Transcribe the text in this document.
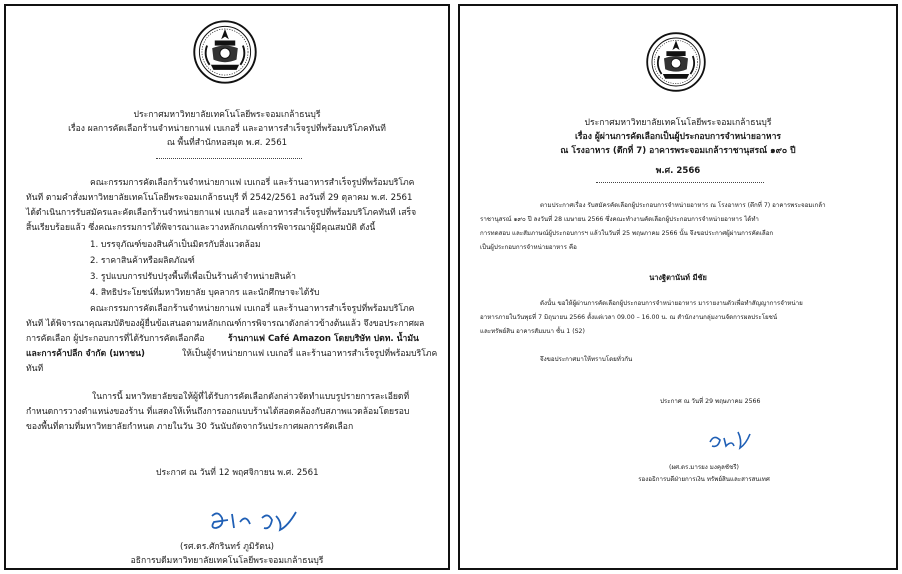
ประกาศมหาวิทยาลัยเทคโนโลยีพระจอมเกล้าธนบุรี
เรื่อง ผลการคัดเลือกร้านจำหน่ายกาแฟ เบเกอรี่ และอาหารสำเร็จรูปที่พร้อมบริโภคทันที
ณ พื้นที่สำนักหอสมุด พ.ศ. 2561
คณะกรรมการคัดเลือกร้านจำหน่ายกาแฟ เบเกอรี่ และร้านอาหารสำเร็จรูปที่พร้อมบริโภค
ทันที ตามคำสั่งมหาวิทยาลัยเทคโนโลยีพระจอมเกล้าธนบุรี ที่ 2542/2561 ลงวันที่ 29 ตุลาคม พ.ศ. 2561
ได้ดำเนินการรับสมัครและคัดเลือกร้านจำหน่ายกาแฟ เบเกอรี่ และอาหารสำเร็จรูปที่พร้อมบริโภคทันที เสร็จ
สิ้นเรียบร้อยแล้ว ซึ่งคณะกรรมการได้พิจารณาและวางหลักเกณฑ์การพิจารณาผู้มีคุณสมบัติ ดังนี้
1. บรรจุภัณฑ์ของสินค้าเป็นมิตรกับสิ่งแวดล้อม
2. ราคาสินค้าหรือผลิตภัณฑ์
3. รูปแบบการปรับปรุงพื้นที่เพื่อเป็นร้านค้าจำหน่ายสินค้า
4. สิทธิประโยชน์ที่มหาวิทยาลัย บุคลากร และนักศึกษาจะได้รับ
คณะกรรมการคัดเลือกร้านจำหน่ายกาแฟ เบเกอรี่ และร้านอาหารสำเร็จรูปที่พร้อมบริโภค
ทันที ได้พิจารณาคุณสมบัติของผู้ยื่นข้อเสนอตามหลักเกณฑ์การพิจารณาดังกล่าวข้างต้นแล้ว จึงขอประกาศผล
การคัดเลือก ผู้ประกอบการที่ได้รับการคัดเลือกคือ	ร้านกาแฟ Café Amazon โดยบริษัท ปตท. น้ำมัน
และการค้าปลีก จำกัด (มหาชน)	ให้เป็นผู้จำหน่ายกาแฟ เบเกอรี่ และร้านอาหารสำเร็จรูปที่พร้อมบริโภค
ทันที
ในการนี้ มหาวิทยาลัยขอให้ผู้ที่ได้รับการคัดเลือกดังกล่าวจัดทำแบบรูปรายการละเอียดที่
กำหนดการวางตำแหน่งของร้าน ที่แสดงให้เห็นถึงการออกแบบร้านได้สอดคล้องกับสภาพแวดล้อมโดยรอบ
ของพื้นที่ตามที่มหาวิทยาลัยกำหนด ภายในวัน 30 วันนับถัดจากวันประกาศผลการคัดเลือก
ประกาศ ณ วันที่ 12 พฤศจิกายน พ.ศ. 2561
(รศ.ดร.ศักรินทร์ ภูมิรัตน)
อธิการบดีมหาวิทยาลัยเทคโนโลยีพระจอมเกล้าธนบุรี
ประกาศมหาวิทยาลัยเทคโนโลยีพระจอมเกล้าธนบุรี
เรื่อง ผู้ผ่านการคัดเลือกเป็นผู้ประกอบการจำหน่ายอาหาร
ณ โรงอาหาร (ตึกที่ 7) อาคารพระจอมเกล้าราชานุสรณ์ ๑๙๐ ปี
พ.ศ. 2566
ตามประกาศเรื่อง รับสมัครคัดเลือกผู้ประกอบการจำหน่ายอาหาร ณ โรงอาหาร (ตึกที่ 7) อาคารพระจอมเกล้า
ราชานุสรณ์ ๑๙๐ ปี ลงวันที่ 28 เมษายน 2566 ซึ่งคณะทำงานคัดเลือกผู้ประกอบการจำหน่ายอาหาร ได้ทำ
การทดสอบ และสัมภาษณ์ผู้ประกอบการฯ แล้วในวันที่ 25 พฤษภาคม 2566 นั้น จึงขอประกาศผู้ผ่านการคัดเลือก
เป็นผู้ประกอบการจำหน่ายอาหาร คือ
นางฐิตานันท์ มีชัย
ดังนั้น ขอให้ผู้ผ่านการคัดเลือกผู้ประกอบการจำหน่ายอาหาร มารายงานตัวเพื่อทำสัญญาการจำหน่าย
อาหารภายในวันพุธที่ 7 มิถุนายน 2566 ตั้งแต่เวลา 09.00 – 16.00 น. ณ สำนักงานกลุ่มงานจัดการผลประโยชน์
และทรัพย์สิน อาคารสัมมนา ชั้น 1 (S2)
จึงขอประกาศมาให้ทราบโดยทั่วกัน
ประกาศ ณ วันที่ 29 พฤษภาคม 2566
(ผศ.ดร.มารยง มงคุลชัชรี)
รองอธิการบดีฝ่ายการเงิน ทรัพย์สินและสารสนเทศ
